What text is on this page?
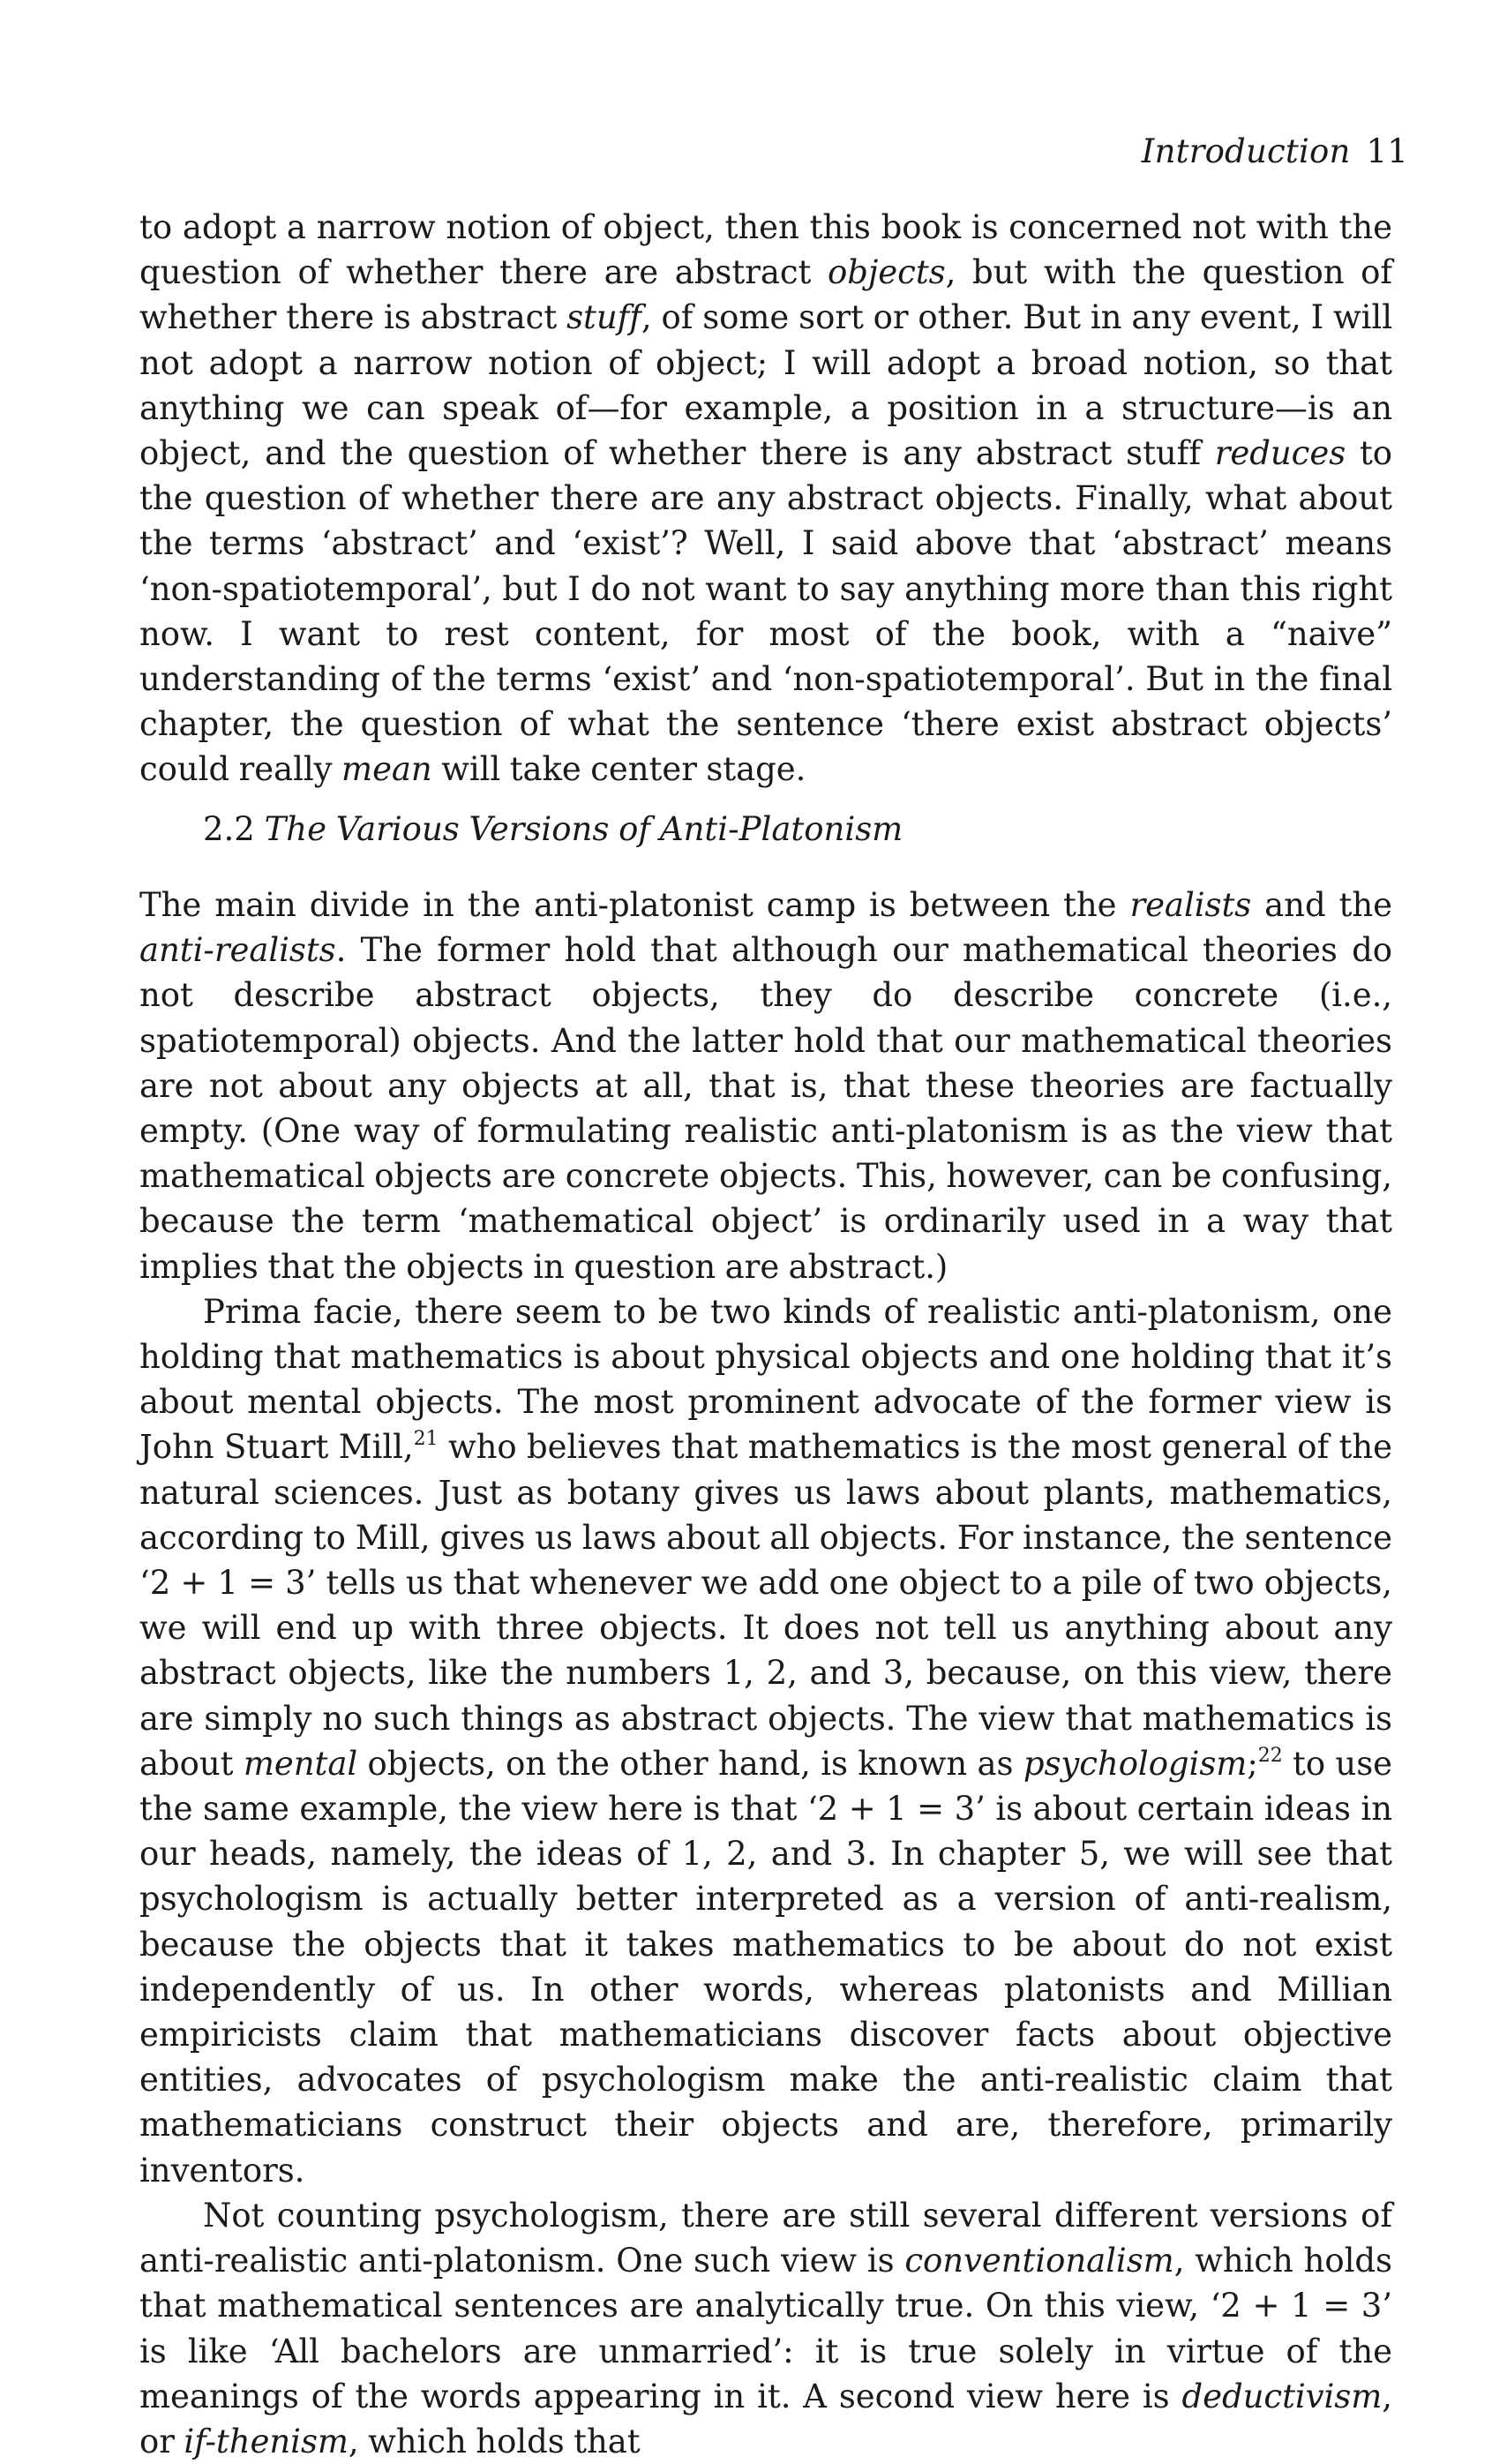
Introduction 11

to adopt a narrow notion of object, then this book is concerned not with the question of whether there are abstract objects, but with the question of whether there is abstract stuff, of some sort or other. But in any event, I will not adopt a narrow notion of object; I will adopt a broad notion, so that anything we can speak of—for example, a position in a structure—is an object, and the question of whether there is any abstract stuff reduces to the question of whether there are any abstract objects. Finally, what about the terms ‘abstract’ and ‘exist’? Well, I said above that ‘abstract’ means ‘non-spatiotemporal’, but I do not want to say anything more than this right now. I want to rest content, for most of the book, with a “naive” understanding of the terms ‘exist’ and ‘non-spatiotemporal’. But in the final chapter, the question of what the sentence ‘there exist abstract objects’ could really mean will take center stage.

2.2 The Various Versions of Anti-Platonism

The main divide in the anti-platonist camp is between the realists and the anti-realists. The former hold that although our mathematical theories do not describe abstract objects, they do describe concrete (i.e., spatiotemporal) objects. And the latter hold that our mathematical theories are not about any objects at all, that is, that these theories are factually empty. (One way of formulating realistic anti-platonism is as the view that mathematical objects are concrete objects. This, however, can be confusing, because the term ‘mathematical object’ is ordinarily used in a way that implies that the objects in question are abstract.)

Prima facie, there seem to be two kinds of realistic anti-platonism, one holding that mathematics is about physical objects and one holding that it’s about mental objects. The most prominent advocate of the former view is John Stuart Mill,$^{21}$ who believes that mathematics is the most general of the natural sciences. Just as botany gives us laws about plants, mathematics, according to Mill, gives us laws about all objects. For instance, the sentence ‘2 + 1 = 3’ tells us that whenever we add one object to a pile of two objects, we will end up with three objects. It does not tell us anything about any abstract objects, like the numbers 1, 2, and 3, because, on this view, there are simply no such things as abstract objects. The view that mathematics is about mental objects, on the other hand, is known as psychologism;$^{22}$ to use the same example, the view here is that ‘2 + 1 = 3’ is about certain ideas in our heads, namely, the ideas of 1, 2, and 3. In chapter 5, we will see that psychologism is actually better interpreted as a version of anti-realism, because the objects that it takes mathematics to be about do not exist independently of us. In other words, whereas platonists and Millian empiricists claim that mathematicians discover facts about objective entities, advocates of psychologism make the anti-realistic claim that mathematicians construct their objects and are, therefore, primarily inventors.

Not counting psychologism, there are still several different versions of anti-realistic anti-platonism. One such view is conventionalism, which holds that mathematical sentences are analytically true. On this view, ‘2 + 1 = 3’ is like ‘All bachelors are unmarried’: it is true solely in virtue of the meanings of the words appearing in it. A second view here is deductivism, or if-thenism, which holds that
